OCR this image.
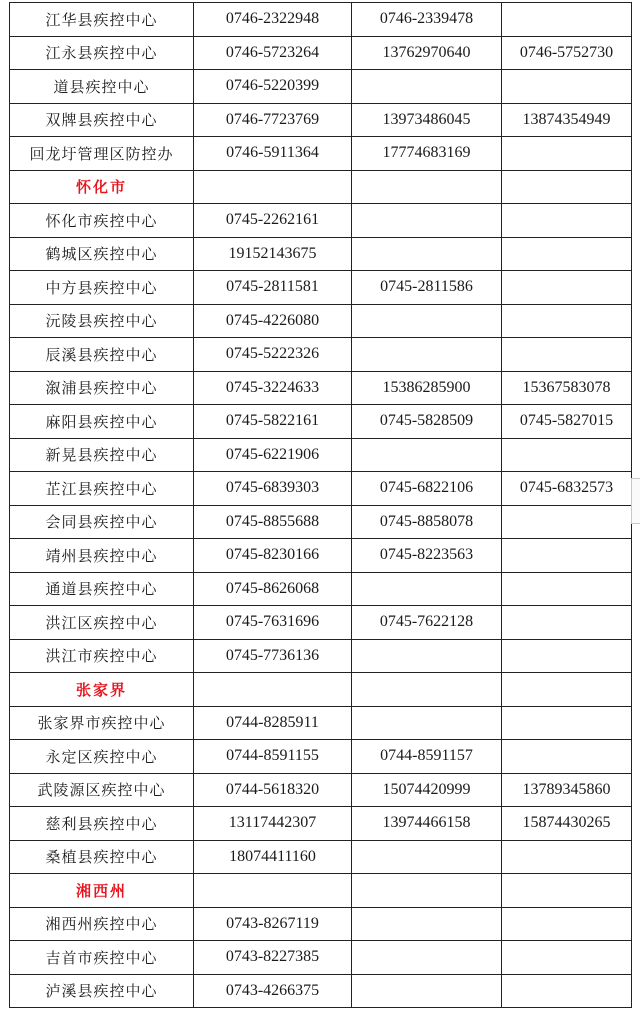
江华县疾控中心	0746-2322948	0746-2339478	
江永县疾控中心	0746-5723264	13762970640	0746-5752730
道县疾控中心	0746-5220399		
双牌县疾控中心	0746-7723769	13973486045	13874354949
回龙圩管理区防控办	0746-5911364	17774683169	
怀化市			
怀化市疾控中心	0745-2262161		
鹤城区疾控中心	19152143675		
中方县疾控中心	0745-2811581	0745-2811586	
沅陵县疾控中心	0745-4226080		
辰溪县疾控中心	0745-5222326		
溆浦县疾控中心	0745-3224633	15386285900	15367583078
麻阳县疾控中心	0745-5822161	0745-5828509	0745-5827015
新晃县疾控中心	0745-6221906		
芷江县疾控中心	0745-6839303	0745-6822106	0745-6832573
会同县疾控中心	0745-8855688	0745-8858078	
靖州县疾控中心	0745-8230166	0745-8223563	
通道县疾控中心	0745-8626068		
洪江区疾控中心	0745-7631696	0745-7622128	
洪江市疾控中心	0745-7736136		
张家界			
张家界市疾控中心	0744-8285911		
永定区疾控中心	0744-8591155	0744-8591157	
武陵源区疾控中心	0744-5618320	15074420999	13789345860
慈利县疾控中心	13117442307	13974466158	15874430265
桑植县疾控中心	18074411160		
湘西州			
湘西州疾控中心	0743-8267119		
吉首市疾控中心	0743-8227385		
泸溪县疾控中心	0743-4266375		
